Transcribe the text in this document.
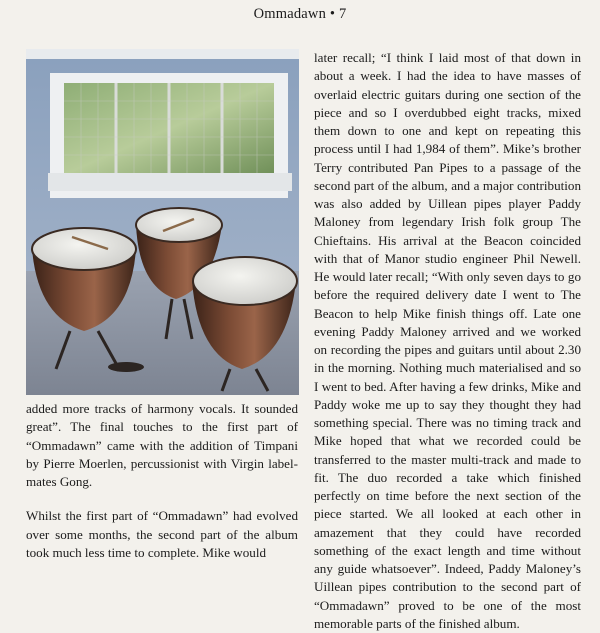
Ommadawn • 7

added more tracks of harmony vocals. It sounded great”. The final touches to the first part of “Ommadawn” came with the addition of Timpani by Pierre Moerlen, percussionist with Virgin label-mates Gong.

Whilst the first part of “Ommadawn” had evolved over some months, the second part of the album took much less time to complete. Mike would

later recall; “I think I laid most of that down in about a week. I had the idea to have masses of overlaid electric guitars during one section of the piece and so I overdubbed eight tracks, mixed them down to one and kept on repeating this process until I had 1,984 of them”. Mike’s brother Terry contributed Pan Pipes to a passage of the second part of the album, and a major contribution was also added by Uillean pipes player Paddy Maloney from legendary Irish folk group The Chieftains. His arrival at the Beacon coincided with that of Manor studio engineer Phil Newell. He would later recall; “With only seven days to go before the required delivery date I went to The Beacon to help Mike finish things off. Late one evening Paddy Maloney arrived and we worked on recording the pipes and guitars until about 2.30 in the morning. Nothing much materialised and so I went to bed. After having a few drinks, Mike and Paddy woke me up to say they thought they had something special. There was no timing track and Mike hoped that what we recorded could be transferred to the master multi-track and made to fit. The duo recorded a take which finished perfectly on time before the next section of the piece started. We all looked at each other in amazement that they could have recorded something of the exact length and time without any guide whatsoever”. Indeed, Paddy Maloney’s Uillean pipes contribution to the second part of “Ommadawn” proved to be one of the most memorable parts of the finished album.
